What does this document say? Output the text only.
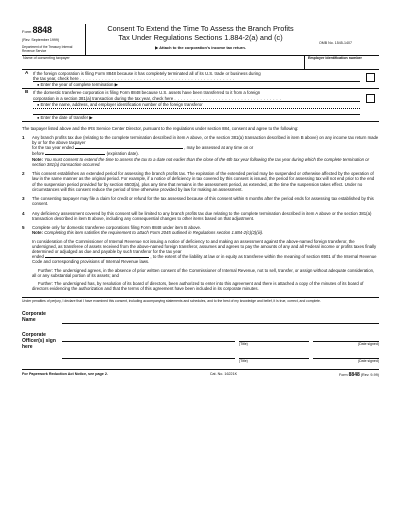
Form 8848
(Rev. September 1999)
Department of the Treasury Internal Revenue Service
Consent To Extend the Time To Assess the Branch Profits
Tax Under Regulations Sections 1.884-2(a) and (c)
▶ Attach to the corporation's income tax return.
OMB No. 1545-1407
Name of consenting taxpayer	Employer identification number
A	If the foreign corporation is filing Form 8848 because it has completely terminated all of its U.S. trade or business during
the tax year, check here . . . . . . . . . . . . . . . . . . . . . . . . . . . . . . . . . . . . . . . . . . . . . . . . .
● Enter the year of complete termination ▶
B	If the domestic transferee corporation is filing Form 8848 because U.S. assets have been transferred to it from a foreign
corporation in a section 381(a) transaction during the tax year, check here . . . . . . . . . . . . . . . . . . . . . . . . . . . . . . . . . .
● Enter the name, address, and employer identification number of the foreign transferor
● Enter the date of transfer ▶
The taxpayer listed above and the IRS Service Center Director, pursuant to the regulations under section 884, consent and agree to the following:
1	Any branch profits tax due (relating to the complete termination described in item A above, or the section 381(a) transaction described in item B above) on any income tax return made by or for the above taxpayer
for the tax year ended	, may be assessed at any time on or
before	(expiration date).
Note: You must consent to extend the time to assess the tax to a date not earlier than the close of the 6th tax year following the tax year during which the complete termination or section 381(a) transaction occurred.
2	This consent establishes an extended period for assessing the branch profits tax. The expiration of the extended period may be suspended or otherwise affected by the operation of law in the same manner as the original period. For example, if a notice of deficiency in tax covered by this consent is issued, the period for assessing tax will not end prior to the end of the suspension period provided for by section 6503(a), plus any time that remains in the assessment period, as extended, at the time the suspension takes effect. Under no circumstances will this consent reduce the period of time otherwise provided by law for making an assessment.
3	The consenting taxpayer may file a claim for credit or refund for the tax assessed because of this consent within 6 months after the period ends for assessing tax established by this consent.
4	Any deficiency assessment covered by this consent will be limited to any branch profits tax due relating to the complete termination described in item A above or the section 381(a) transaction described in item B above, including any consequential changes to other items based on that adjustment.
5	Complete only for domestic transferee corporations filing Form 8848 under item B above.
Note: Completing this item satisfies the requirement to attach Form 2045 outlined in Regulations section 1.884-2(c)(2)(iii).
In consideration of the Commissioner of Internal Revenue not issuing a notice of deficiency to and making an assessment against the above-named foreign transferor, the undersigned, as transferee of assets received from the above-named foreign transferor, assumes and agrees to pay the amounts of any and all Federal income or profits taxes finally determined or adjudged as due and payable by such transferor for the tax year
ended	, to the extent of the liability at law or in equity as transferee within the meaning of section 6901 of the Internal Revenue Code and corresponding provisions of Internal Revenue laws.
Further: The undersigned agrees, in the absence of prior written consent of the Commissioner of Internal Revenue, not to sell, transfer, or assign without adequate consideration, all or any substantial portion of its assets; and
Further: The undersigned has, by resolution of its board of directors, been authorized to enter into this agreement and there is attached a copy of the minutes of its board of directors evidencing the authorization and that the terms of this agreement have been included in its corporate minutes.
Under penalties of perjury, I declare that I have examined this consent, including accompanying statements and schedules, and to the best of my knowledge and belief, it is true, correct, and complete.
Corporate Name
Corporate Officer(s) sign here	(Title)	(Date signed)
(Title)	(Date signed)
For Paperwork Reduction Act Notice, see page 2.	Cat. No. 16221K	Form 8848 (Rev. 9-99)
